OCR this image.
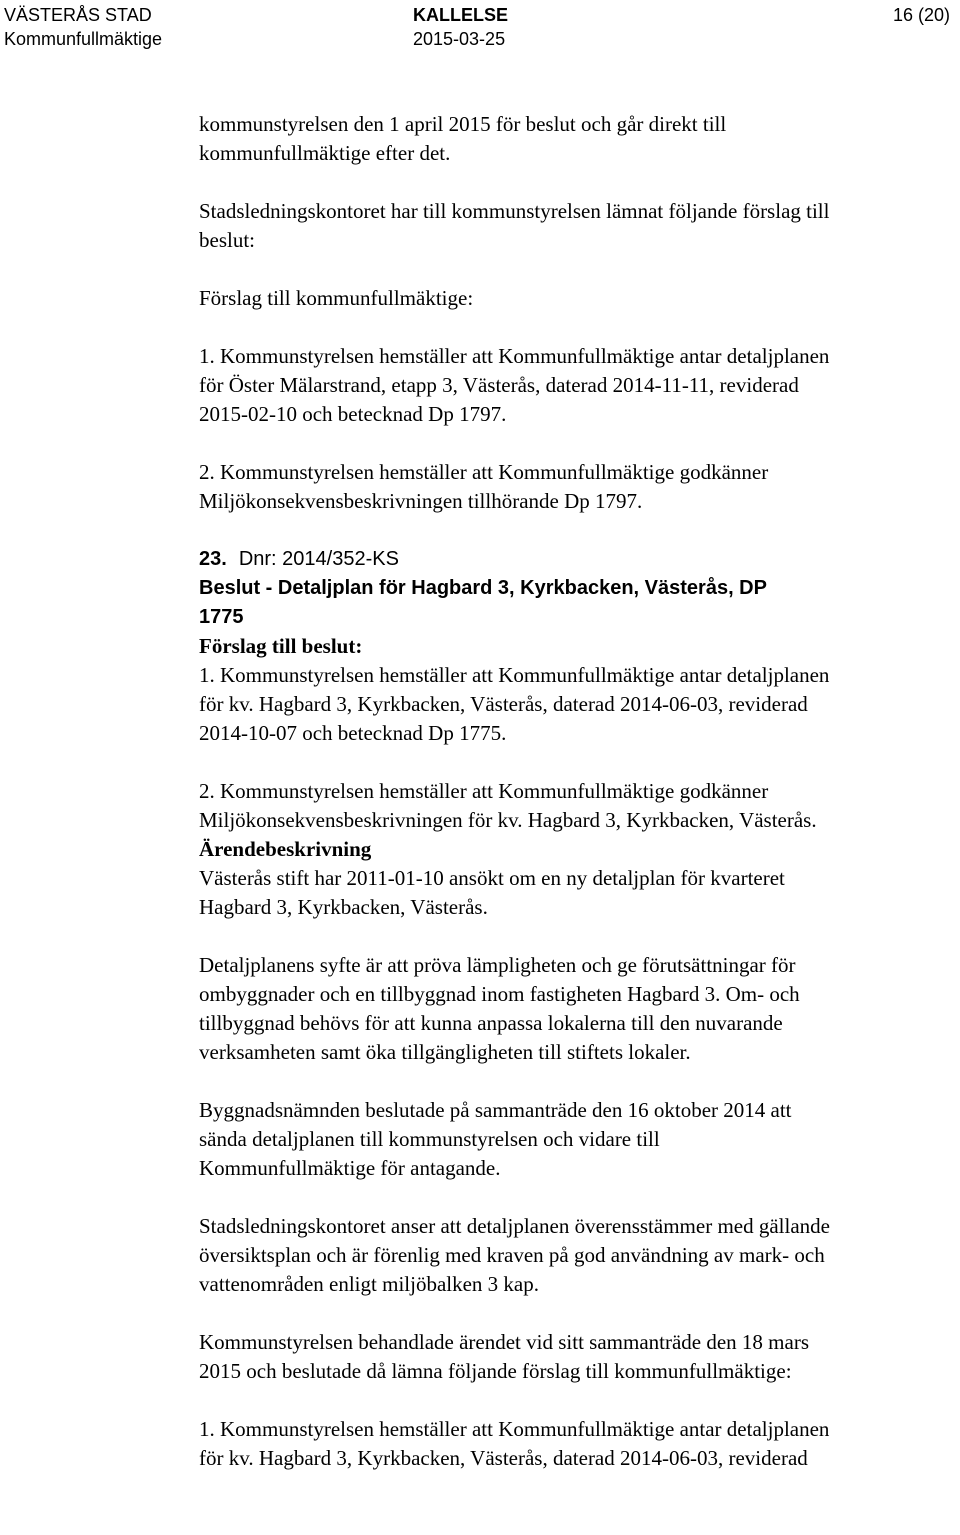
VÄSTERÅS STAD
Kommunfullmäktige
KALLELSE
2015-03-25
16 (20)

kommunstyrelsen den 1 april 2015 för beslut och går direkt till
kommunfullmäktige efter det.

Stadsledningskontoret har till kommunstyrelsen lämnat följande förslag till
beslut:

Förslag till kommunfullmäktige:

1. Kommunstyrelsen hemställer att Kommunfullmäktige antar detaljplanen
för Öster Mälarstrand, etapp 3, Västerås, daterad 2014-11-11, reviderad
2015-02-10 och betecknad Dp 1797.

2. Kommunstyrelsen hemställer att Kommunfullmäktige godkänner
Miljökonsekvensbeskrivningen tillhörande Dp 1797.

23. Dnr: 2014/352-KS
Beslut - Detaljplan för Hagbard 3, Kyrkbacken, Västerås, DP
1775

Förslag till beslut:

1. Kommunstyrelsen hemställer att Kommunfullmäktige antar detaljplanen
för kv. Hagbard 3, Kyrkbacken, Västerås, daterad 2014-06-03, reviderad
2014-10-07 och betecknad Dp 1775.

2. Kommunstyrelsen hemställer att Kommunfullmäktige godkänner
Miljökonsekvensbeskrivningen för kv. Hagbard 3, Kyrkbacken, Västerås.

Ärendebeskrivning

Västerås stift har 2011-01-10 ansökt om en ny detaljplan för kvarteret
Hagbard 3, Kyrkbacken, Västerås.

Detaljplanens syfte är att pröva lämpligheten och ge förutsättningar för
ombyggnader och en tillbyggnad inom fastigheten Hagbard 3. Om- och
tillbyggnad behövs för att kunna anpassa lokalerna till den nuvarande
verksamheten samt öka tillgängligheten till stiftets lokaler.

Byggnadsnämnden beslutade på sammanträde den 16 oktober 2014 att
sända detaljplanen till kommunstyrelsen och vidare till
Kommunfullmäktige för antagande.

Stadsledningskontoret anser att detaljplanen överensstämmer med gällande
översiktsplan och är förenlig med kraven på god användning av mark- och
vattenområden enligt miljöbalken 3 kap.

Kommunstyrelsen behandlade ärendet vid sitt sammanträde den 18 mars
2015 och beslutade då lämna följande förslag till kommunfullmäktige:

1. Kommunstyrelsen hemställer att Kommunfullmäktige antar detaljplanen
för kv. Hagbard 3, Kyrkbacken, Västerås, daterad 2014-06-03, reviderad
